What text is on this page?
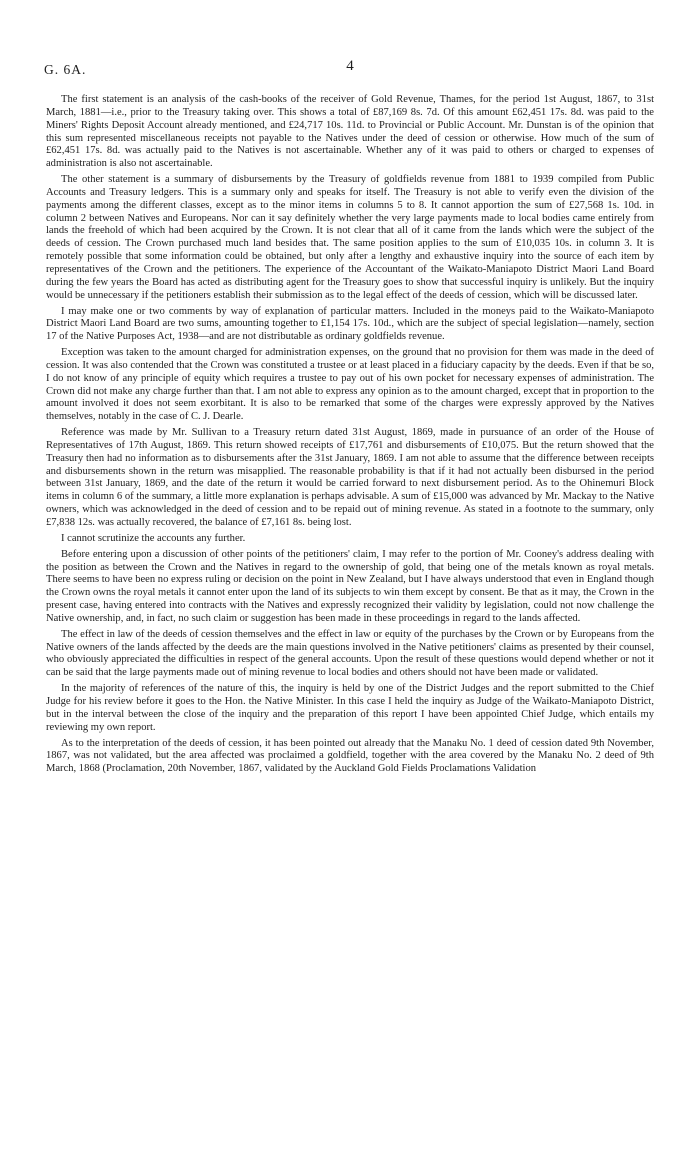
G. 6A.	4

The first statement is an analysis of the cash-books of the receiver of Gold Revenue, Thames, for the period 1st August, 1867, to 31st March, 1881—i.e., prior to the Treasury taking over. This shows a total of £87,169 8s. 7d. Of this amount £62,451 17s. 8d. was paid to the Miners' Rights Deposit Account already mentioned, and £24,717 10s. 11d. to Provincial or Public Account. Mr. Dunstan is of the opinion that this sum represented miscellaneous receipts not payable to the Natives under the deed of cession or otherwise. How much of the sum of £62,451 17s. 8d. was actually paid to the Natives is not ascertainable. Whether any of it was paid to others or charged to expenses of administration is also not ascertainable.

The other statement is a summary of disbursements by the Treasury of goldfields revenue from 1881 to 1939 compiled from Public Accounts and Treasury ledgers. This is a summary only and speaks for itself. The Treasury is not able to verify even the division of the payments among the different classes, except as to the minor items in columns 5 to 8. It cannot apportion the sum of £27,568 1s. 10d. in column 2 between Natives and Europeans. Nor can it say definitely whether the very large payments made to local bodies came entirely from lands the freehold of which had been acquired by the Crown. It is not clear that all of it came from the lands which were the subject of the deeds of cession. The Crown purchased much land besides that. The same position applies to the sum of £10,035 10s. in column 3. It is remotely possible that some information could be obtained, but only after a lengthy and exhaustive inquiry into the source of each item by representatives of the Crown and the petitioners. The experience of the Accountant of the Waikato-Maniapoto District Maori Land Board during the few years the Board has acted as distributing agent for the Treasury goes to show that successful inquiry is unlikely. But the inquiry would be unnecessary if the petitioners establish their submission as to the legal effect of the deeds of cession, which will be discussed later.

I may make one or two comments by way of explanation of particular matters. Included in the moneys paid to the Waikato-Maniapoto District Maori Land Board are two sums, amounting together to £1,154 17s. 10d., which are the subject of special legislation—namely, section 17 of the Native Purposes Act, 1938—and are not distributable as ordinary goldfields revenue.

Exception was taken to the amount charged for administration expenses, on the ground that no provision for them was made in the deed of cession. It was also contended that the Crown was constituted a trustee or at least placed in a fiduciary capacity by the deeds. Even if that be so, I do not know of any principle of equity which requires a trustee to pay out of his own pocket for necessary expenses of administration. The Crown did not make any charge further than that. I am not able to express any opinion as to the amount charged, except that in proportion to the amount involved it does not seem exorbitant. It is also to be remarked that some of the charges were expressly approved by the Natives themselves, notably in the case of C. J. Dearle.

Reference was made by Mr. Sullivan to a Treasury return dated 31st August, 1869, made in pursuance of an order of the House of Representatives of 17th August, 1869. This return showed receipts of £17,761 and disbursements of £10,075. But the return showed that the Treasury then had no information as to disbursements after the 31st January, 1869. I am not able to assume that the difference between receipts and disbursements shown in the return was misapplied. The reasonable probability is that if it had not actually been disbursed in the period between 31st January, 1869, and the date of the return it would be carried forward to next disbursement period. As to the Ohinemuri Block items in column 6 of the summary, a little more explanation is perhaps advisable. A sum of £15,000 was advanced by Mr. Mackay to the Native owners, which was acknowledged in the deed of cession and to be repaid out of mining revenue. As stated in a footnote to the summary, only £7,838 12s. was actually recovered, the balance of £7,161 8s. being lost.

I cannot scrutinize the accounts any further.

Before entering upon a discussion of other points of the petitioners' claim, I may refer to the portion of Mr. Cooney's address dealing with the position as between the Crown and the Natives in regard to the ownership of gold, that being one of the metals known as royal metals. There seems to have been no express ruling or decision on the point in New Zealand, but I have always understood that even in England though the Crown owns the royal metals it cannot enter upon the land of its subjects to win them except by consent. Be that as it may, the Crown in the present case, having entered into contracts with the Natives and expressly recognized their validity by legislation, could not now challenge the Native ownership, and, in fact, no such claim or suggestion has been made in these proceedings in regard to the lands affected.

The effect in law of the deeds of cession themselves and the effect in law or equity of the purchases by the Crown or by Europeans from the Native owners of the lands affected by the deeds are the main questions involved in the Native petitioners' claims as presented by their counsel, who obviously appreciated the difficulties in respect of the general accounts. Upon the result of these questions would depend whether or not it can be said that the large payments made out of mining revenue to local bodies and others should not have been made or validated.

In the majority of references of the nature of this, the inquiry is held by one of the District Judges and the report submitted to the Chief Judge for his review before it goes to the Hon. the Native Minister. In this case I held the inquiry as Judge of the Waikato-Maniapoto District, but in the interval between the close of the inquiry and the preparation of this report I have been appointed Chief Judge, which entails my reviewing my own report.

As to the interpretation of the deeds of cession, it has been pointed out already that the Manaku No. 1 deed of cession dated 9th November, 1867, was not validated, but the area affected was proclaimed a goldfield, together with the area covered by the Manaku No. 2 deed of 9th March, 1868 (Proclamation, 20th November, 1867, validated by the Auckland Gold Fields Proclamations Validation
